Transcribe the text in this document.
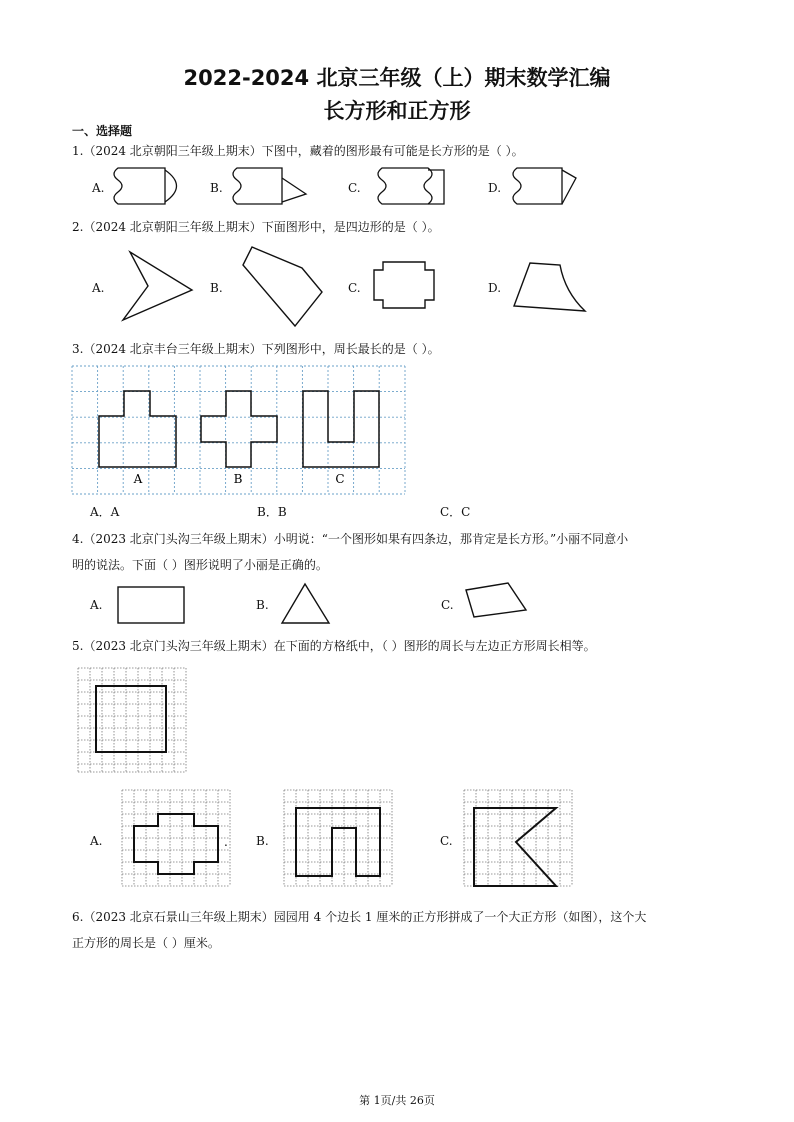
2022-2024 北京三年级（上）期末数学汇编
长方形和正方形
一、选择题
1.（2024 北京朝阳三年级上期末）下图中，藏着的图形最有可能是长方形的是（ ）。
A.	B.	C.	D.
2.（2024 北京朝阳三年级上期末）下面图形中，是四边形的是（ ）。
A.	B.	C.	D.
3.（2024 北京丰台三年级上期末）下列图形中，周长最长的是（ ）。
A	B	C
A．A	B．B	C．C
4.（2023 北京门头沟三年级上期末）小明说：“一个图形如果有四条边，那肯定是长方形。”小丽不同意小
明的说法。下面（ ）图形说明了小丽是正确的。
A.	B.	C.
5.（2023 北京门头沟三年级上期末）在下面的方格纸中，（ ）图形的周长与左边正方形周长相等。
.
A.	B.	C.
6.（2023 北京石景山三年级上期末）园园用 4 个边长 1 厘米的正方形拼成了一个大正方形（如图），这个大
正方形的周长是（ ）厘米。
第 1页/共 26页
